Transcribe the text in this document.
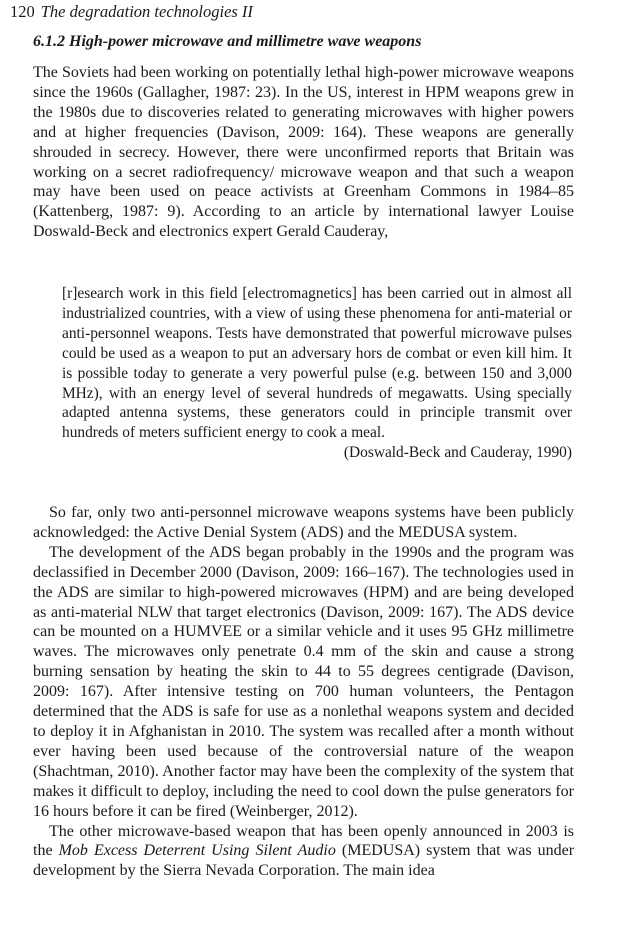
120 The degradation technologies II
6.1.2 High-power microwave and millimetre wave weapons

The Soviets had been working on potentially lethal high-power microwave weapons since the 1960s (Gallagher, 1987: 23). In the US, interest in HPM weapons grew in the 1980s due to discoveries related to generating microwaves with higher powers and at higher frequencies (Davison, 2009: 164). These weapons are generally shrouded in secrecy. However, there were unconfirmed reports that Britain was working on a secret radiofrequency/ microwave weapon and that such a weapon may have been used on peace activists at Greenham Commons in 1984–85 (Kattenberg, 1987: 9). According to an article by international lawyer Louise Doswald-Beck and electronics expert Gerald Cauderay,

[r]esearch work in this field [electromagnetics] has been carried out in almost all industrialized countries, with a view of using these phenomena for anti-material or anti-personnel weapons. Tests have demonstrated that powerful microwave pulses could be used as a weapon to put an adversary hors de combat or even kill him. It is possible today to generate a very powerful pulse (e.g. between 150 and 3,000 MHz), with an energy level of several hundreds of megawatts. Using specially adapted antenna systems, these generators could in principle transmit over hundreds of meters sufficient energy to cook a meal.

(Doswald-Beck and Cauderay, 1990)

So far, only two anti-personnel microwave weapons systems have been publicly acknowledged: the Active Denial System (ADS) and the MEDUSA system.

The development of the ADS began probably in the 1990s and the program was declassified in December 2000 (Davison, 2009: 166–167). The technologies used in the ADS are similar to high-powered microwaves (HPM) and are being developed as anti-material NLW that target electronics (Davison, 2009: 167). The ADS device can be mounted on a HUMVEE or a similar vehicle and it uses 95 GHz millimetre waves. The microwaves only penetrate 0.4 mm of the skin and cause a strong burning sensation by heating the skin to 44 to 55 degrees centigrade (Davison, 2009: 167). After intensive testing on 700 human volunteers, the Pentagon determined that the ADS is safe for use as a nonlethal weapons system and decided to deploy it in Afghanistan in 2010. The system was recalled after a month without ever having been used because of the controversial nature of the weapon (Shachtman, 2010). Another factor may have been the complexity of the system that makes it difficult to deploy, including the need to cool down the pulse generators for 16 hours before it can be fired (Weinberger, 2012).

The other microwave-based weapon that has been openly announced in 2003 is the Mob Excess Deterrent Using Silent Audio (MEDUSA) system that was under development by the Sierra Nevada Corporation. The main idea
